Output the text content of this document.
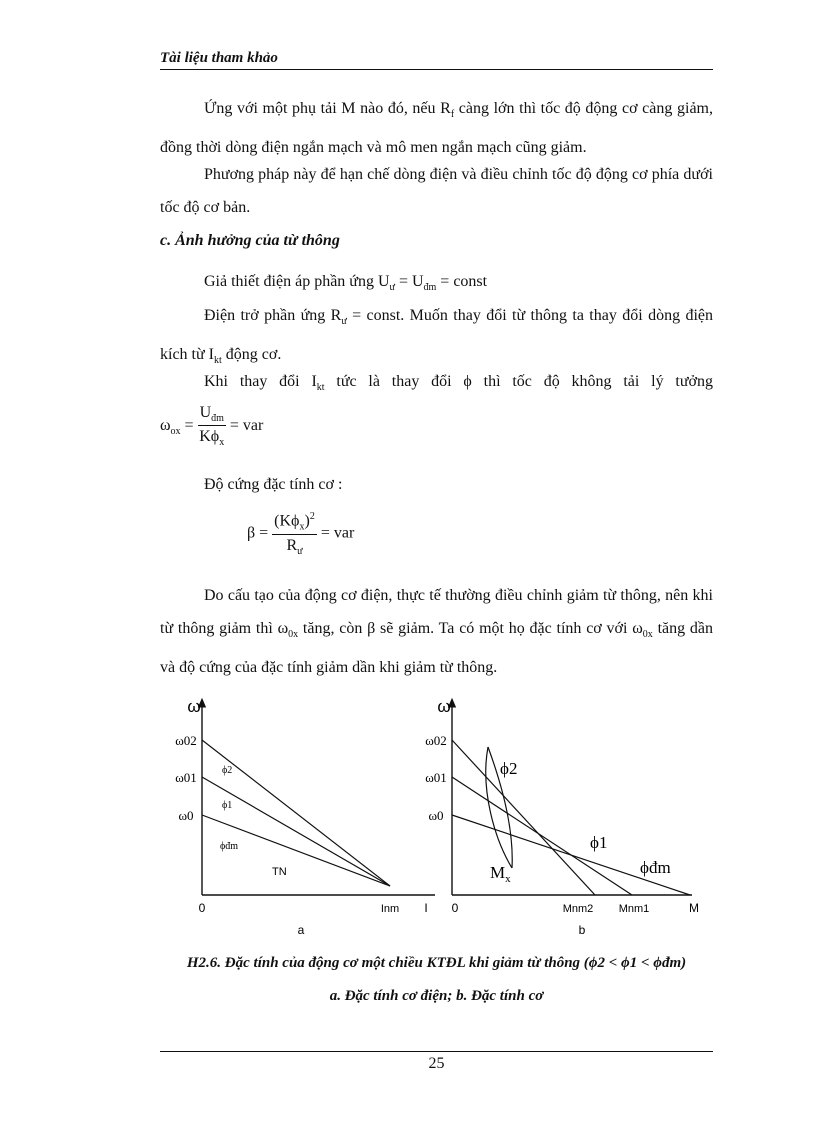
Tài liệu tham khảo

Ứng với một phụ tải M nào đó, nếu $R_f$ càng lớn thì tốc độ động cơ càng giảm, đồng thời dòng điện ngắn mạch và mô men ngắn mạch cũng giảm.

Phương pháp này để hạn chế dòng điện và điều chỉnh tốc độ động cơ phía dưới tốc độ cơ bản.

c. Ảnh hưởng của từ thông

Giả thiết điện áp phần ứng $U_ư = U_{đm}$ = const

Điện trở phần ứng $R_ư$ = const. Muốn thay đổi từ thông ta thay đổi dòng điện kích từ $I_{kt}$ động cơ.

Khi thay đổi $I_{kt}$ tức là thay đổi ϕ thì tốc độ không tải lý tưởng

$\omega_{ox} = \frac{U_{đm}}{K\phi_x}$ = var

Độ cứng đặc tính cơ :

$\beta = \frac{(K\phi_x)^2}{R_ư}$ = var

Do cấu tạo của động cơ điện, thực tế thường điều chỉnh giảm từ thông, nên khi từ thông giảm thì $\omega_{0x}$ tăng, còn β sẽ giảm. Ta có một họ đặc tính cơ với $\omega_{0x}$ tăng dần và độ cứng của đặc tính giảm dần khi giảm từ thông.

ω
ω02
ω01
ω0
ϕ2
ϕ1
ϕđm
TN
0	Inm I
a
ω
ω02
ω01
ω0
ϕ2
ϕ1
ϕđm
$M_x$
0	Mnm2 Mnm1	M
b
H2.6. Đặc tính của động cơ một chiều KTĐL khi giảm từ thông (ϕ2 < ϕ1 < ϕđm)
a. Đặc tính cơ điện; b. Đặc tính cơ
25
